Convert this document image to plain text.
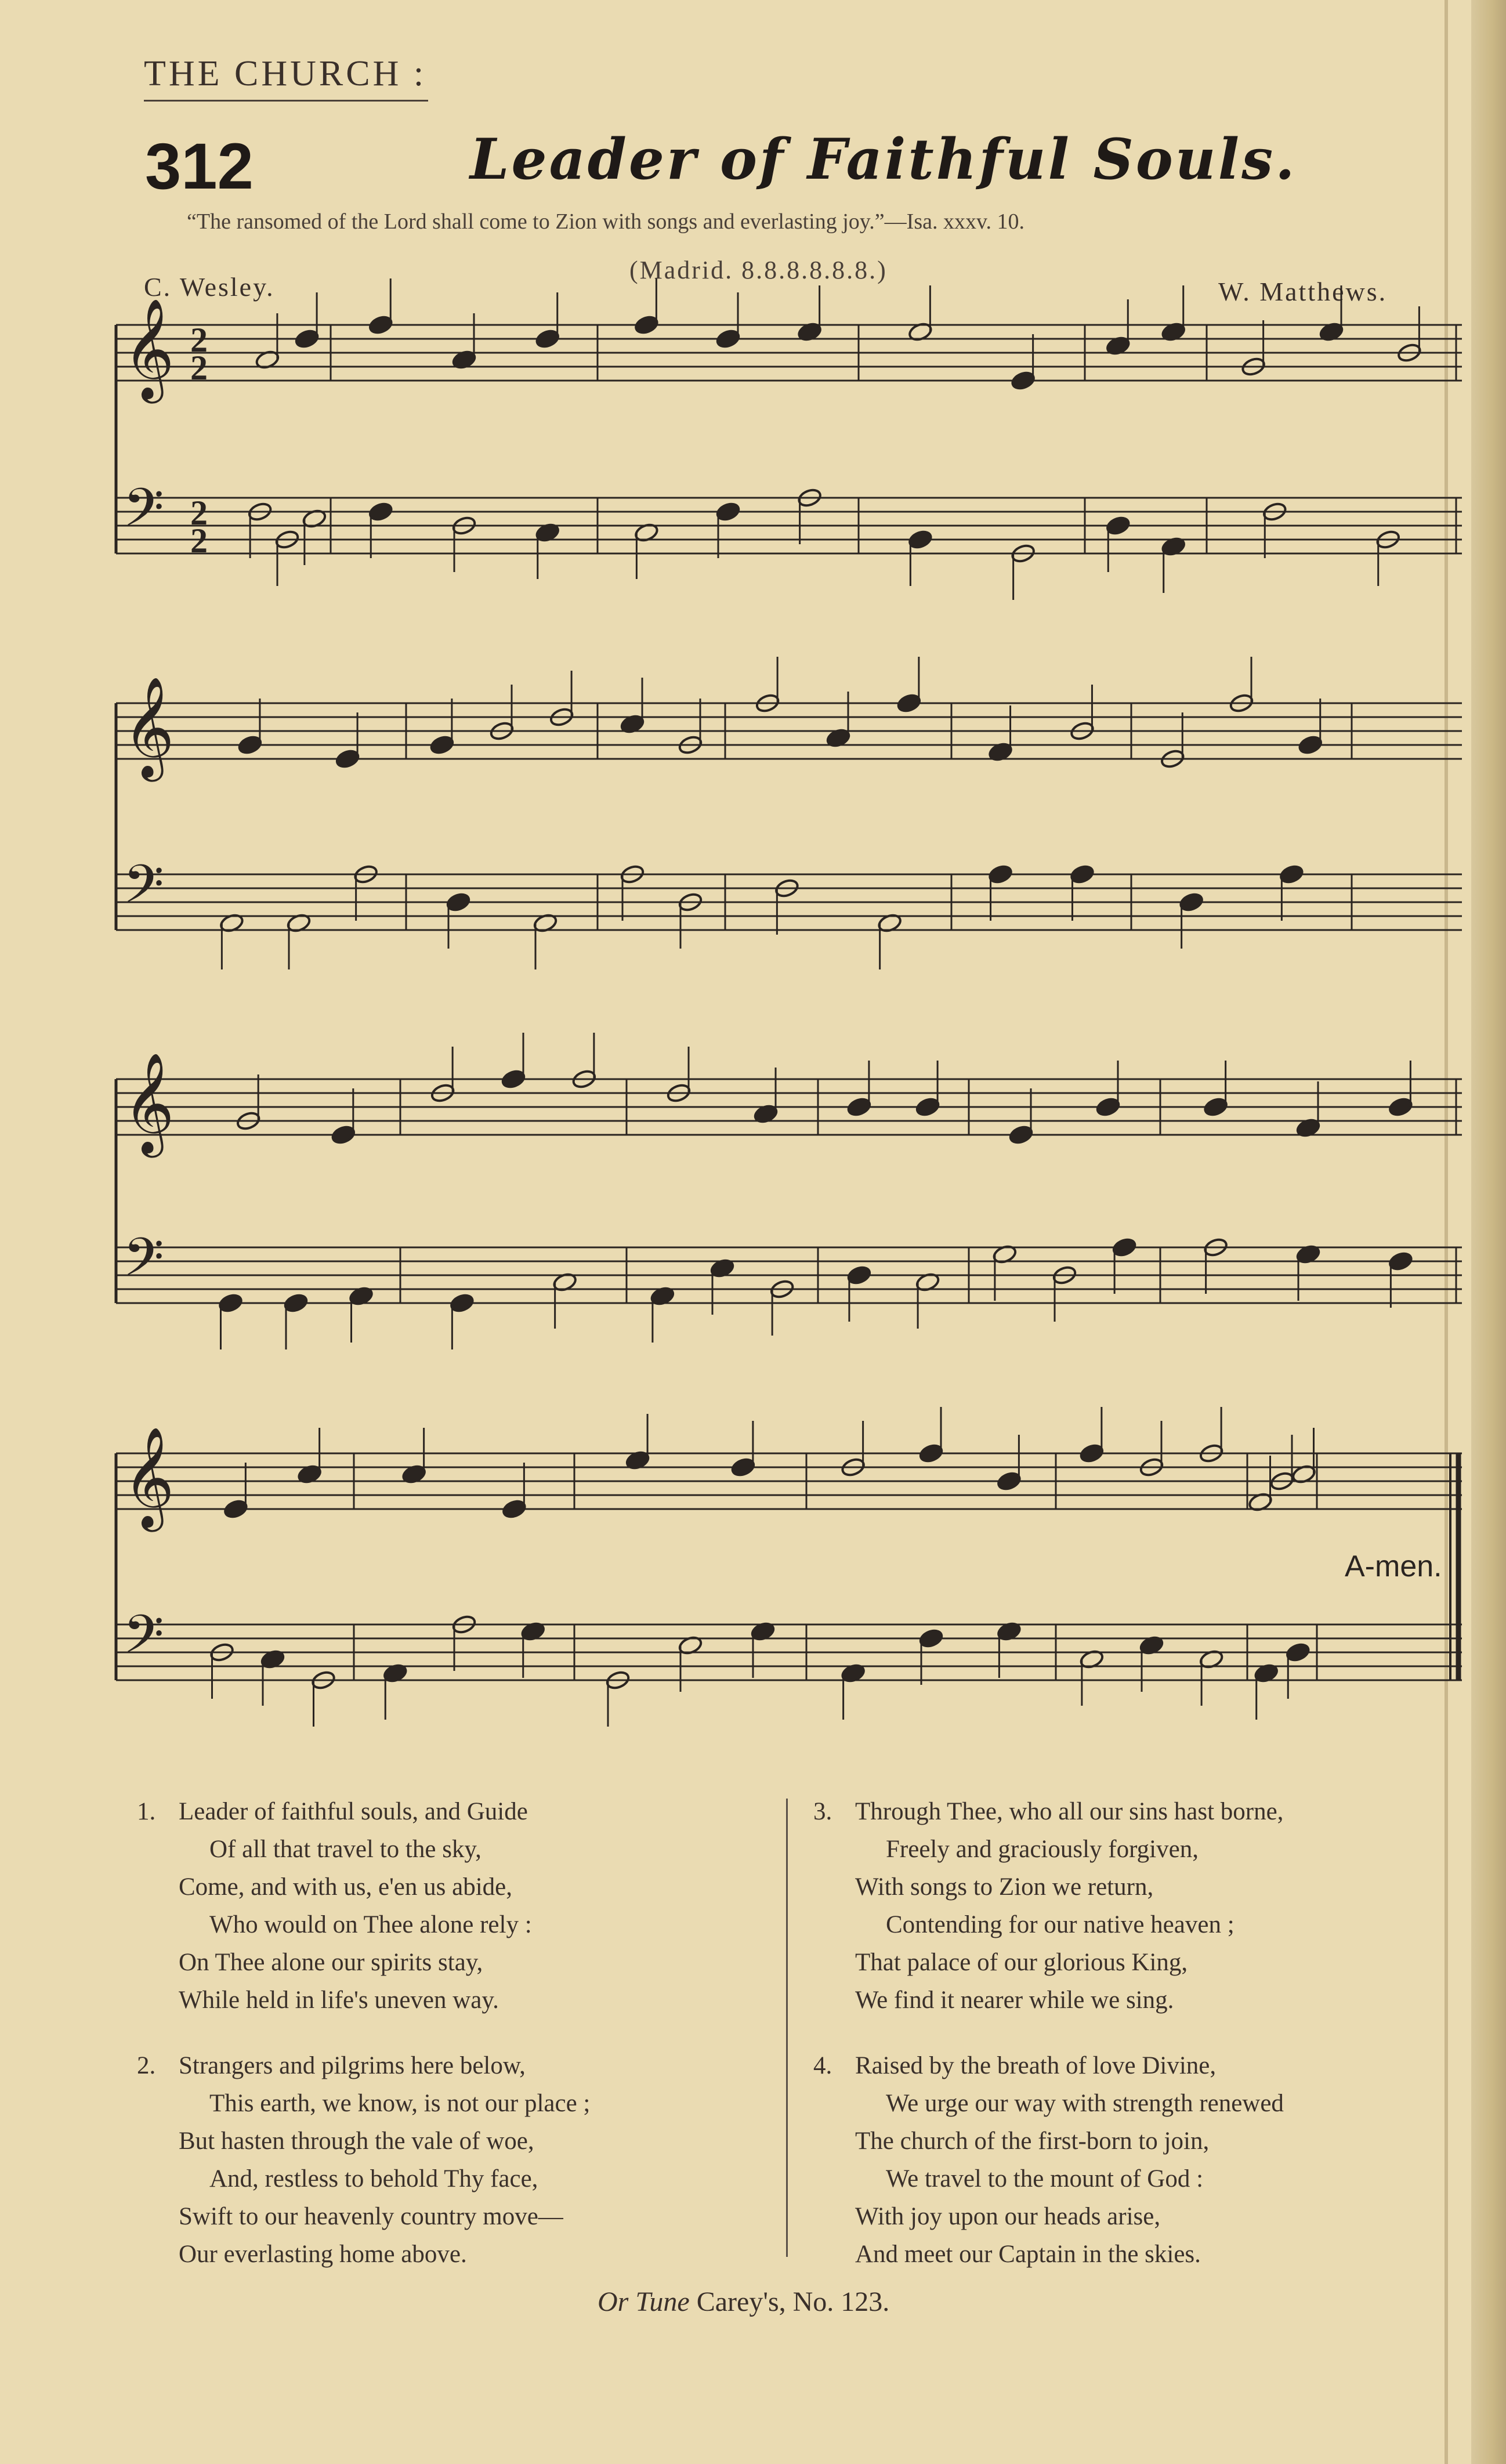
THE CHURCH :
312	Leader of Faithful Souls.
“The ransomed of the Lord shall come to Zion with songs and everlasting joy.”—Isa. xxxv. 10.
(Madrid. 8.8.8.8.8.8.)
C. Wesley.	W. Matthews.
𝄞 2
2
𝄢 2
2
𝄞
𝄢
𝄞
𝄢
𝄞
𝄢
A-men.
1. Leader of faithful souls, and Guide
Of all that travel to the sky,
Come, and with us, e'en us abide,
Who would on Thee alone rely :
On Thee alone our spirits stay,
While held in life's uneven way.
2. Strangers and pilgrims here below,
This earth, we know, is not our place ;
But hasten through the vale of woe,
And, restless to behold Thy face,
Swift to our heavenly country move—
Our everlasting home above.
3. Through Thee, who all our sins hast borne,
Freely and graciously forgiven,
With songs to Zion we return,
Contending for our native heaven ;
That palace of our glorious King,
We find it nearer while we sing.
4. Raised by the breath of love Divine,
We urge our way with strength renewed
The church of the first-born to join,
We travel to the mount of God :
With joy upon our heads arise,
And meet our Captain in the skies.
Or Tune Carey's, No. 123.
